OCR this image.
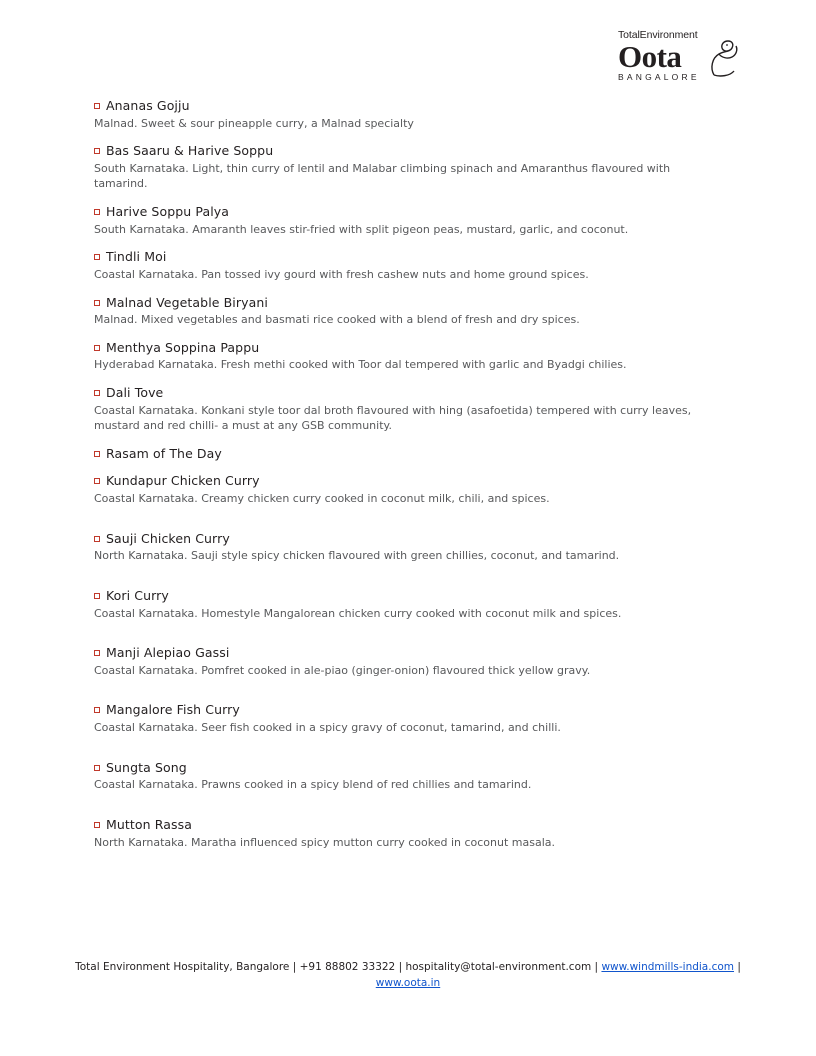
TotalEnvironment
Oota
BANGALORE
Ananas Gojju

Malnad. Sweet & sour pineapple curry, a Malnad specialty

Bas Saaru & Harive Soppu

South Karnataka. Light, thin curry of lentil and Malabar climbing spinach and Amaranthus flavoured with tamarind.

Harive Soppu Palya

South Karnataka. Amaranth leaves stir-fried with split pigeon peas, mustard, garlic, and coconut.

Tindli Moi

Coastal Karnataka. Pan tossed ivy gourd with fresh cashew nuts and home ground spices.

Malnad Vegetable Biryani

Malnad. Mixed vegetables and basmati rice cooked with a blend of fresh and dry spices.

Menthya Soppina Pappu

Hyderabad Karnataka. Fresh methi cooked with Toor dal tempered with garlic and Byadgi chilies.

Dali Tove

Coastal Karnataka. Konkani style toor dal broth flavoured with hing (asafoetida) tempered with curry leaves, mustard and red chilli- a must at any GSB community.

Rasam of The Day
Kundapur Chicken Curry

Coastal Karnataka. Creamy chicken curry cooked in coconut milk, chili, and spices.

Sauji Chicken Curry

North Karnataka. Sauji style spicy chicken flavoured with green chillies, coconut, and tamarind.

Kori Curry

Coastal Karnataka. Homestyle Mangalorean chicken curry cooked with coconut milk and spices.

Manji Alepiao Gassi

Coastal Karnataka. Pomfret cooked in ale-piao (ginger-onion) flavoured thick yellow gravy.

Mangalore Fish Curry

Coastal Karnataka. Seer fish cooked in a spicy gravy of coconut, tamarind, and chilli.

Sungta Song

Coastal Karnataka. Prawns cooked in a spicy blend of red chillies and tamarind.

Mutton Rassa

North Karnataka. Maratha influenced spicy mutton curry cooked in coconut masala.

Total Environment Hospitality, Bangalore | +91 88802 33322 | hospitality@total-environment.com | www.windmills-india.com |
www.oota.in
